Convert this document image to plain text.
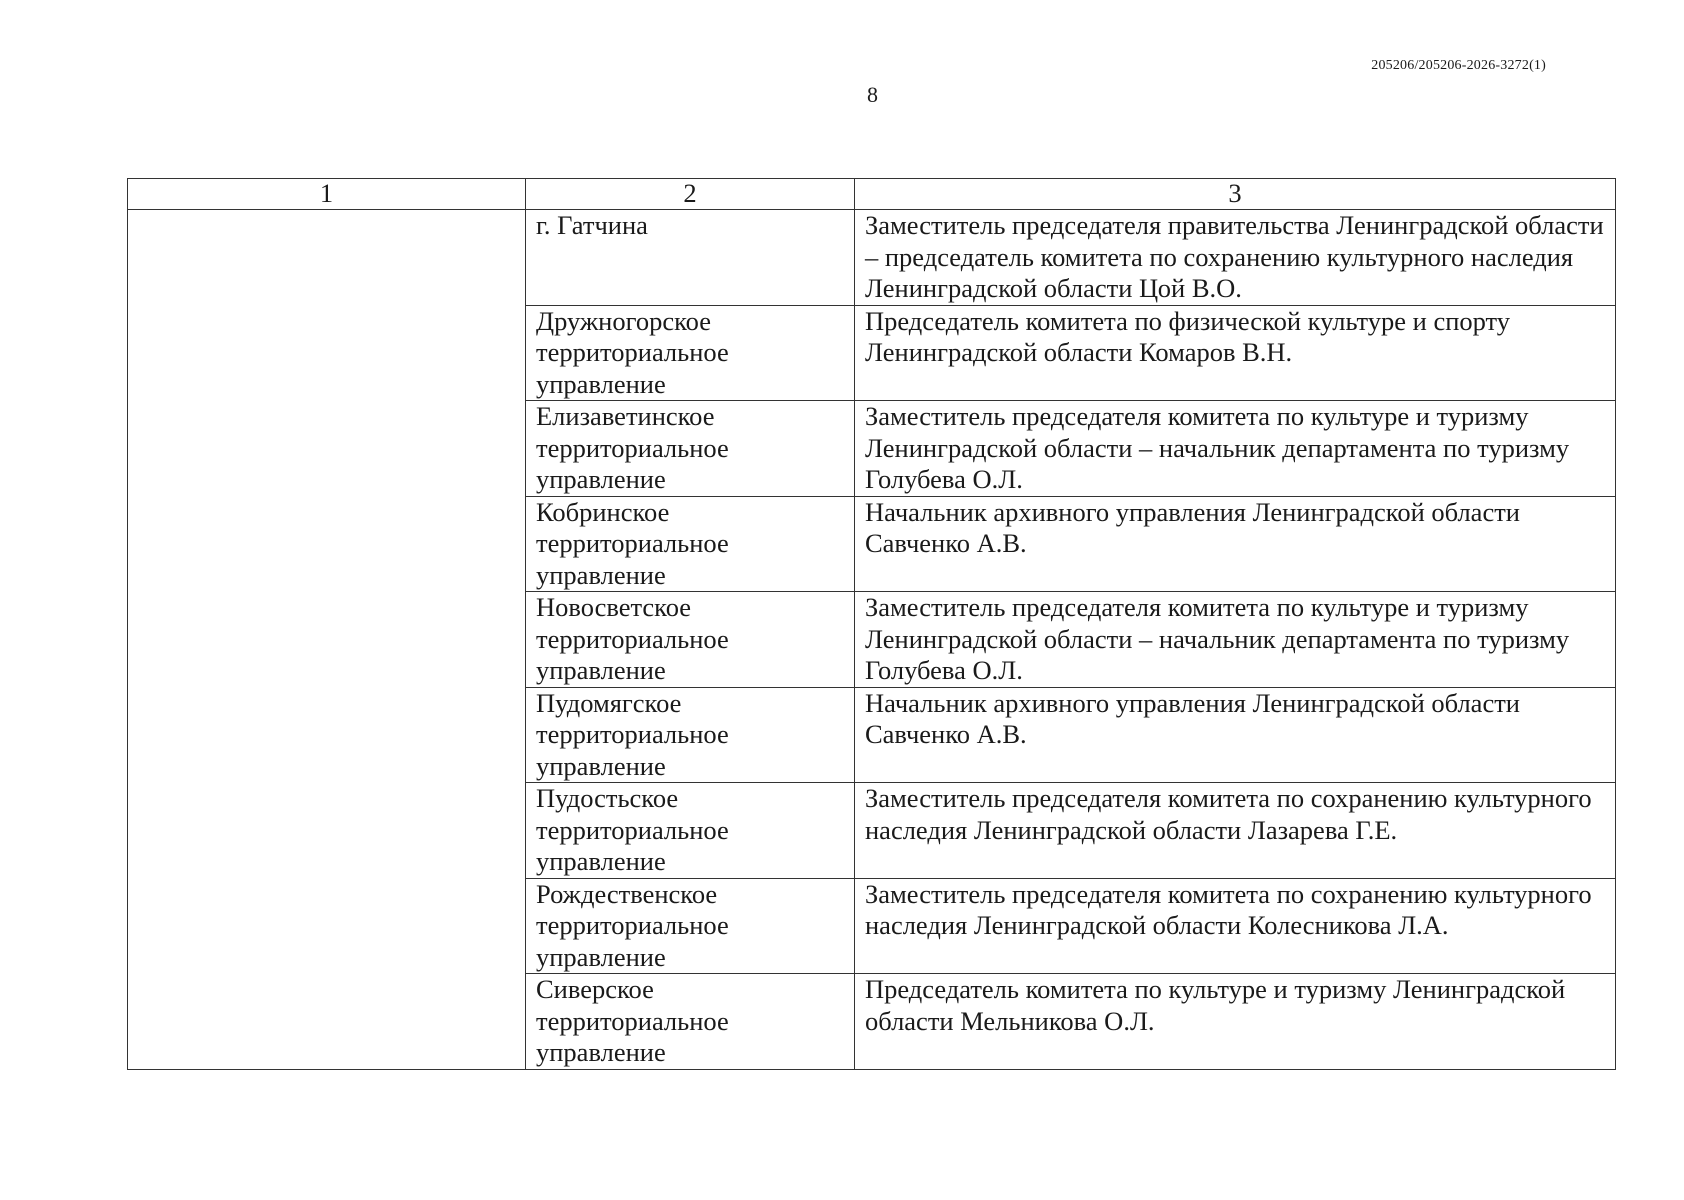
205206/205206-2026-3272(1)
8
1	2	3
	г. Гатчина	Заместитель председателя правительства Ленинградской области – председатель комитета по сохранению культурного наследия Ленинградской области Цой В.О.
	Дружногорское территориальное управление	Председатель комитета по физической культуре и спорту Ленинградской области Комаров В.Н.
	Елизаветинское территориальное управление	Заместитель председателя комитета по культуре и туризму Ленинградской области – начальник департамента по туризму Голубева О.Л.
	Кобринское территориальное управление	Начальник архивного управления Ленинградской области Савченко А.В.
	Новосветское территориальное управление	Заместитель председателя комитета по культуре и туризму Ленинградской области – начальник департамента по туризму Голубева О.Л.
	Пудомягское территориальное управление	Начальник архивного управления Ленинградской области Савченко А.В.
	Пудостьское территориальное управление	Заместитель председателя комитета по сохранению культурного наследия Ленинградской области Лазарева Г.Е.
	Рождественское территориальное управление	Заместитель председателя комитета по сохранению культурного наследия Ленинградской области Колесникова Л.А.
	Сиверское территориальное управление	Председатель комитета по культуре и туризму Ленинградской области Мельникова О.Л.
